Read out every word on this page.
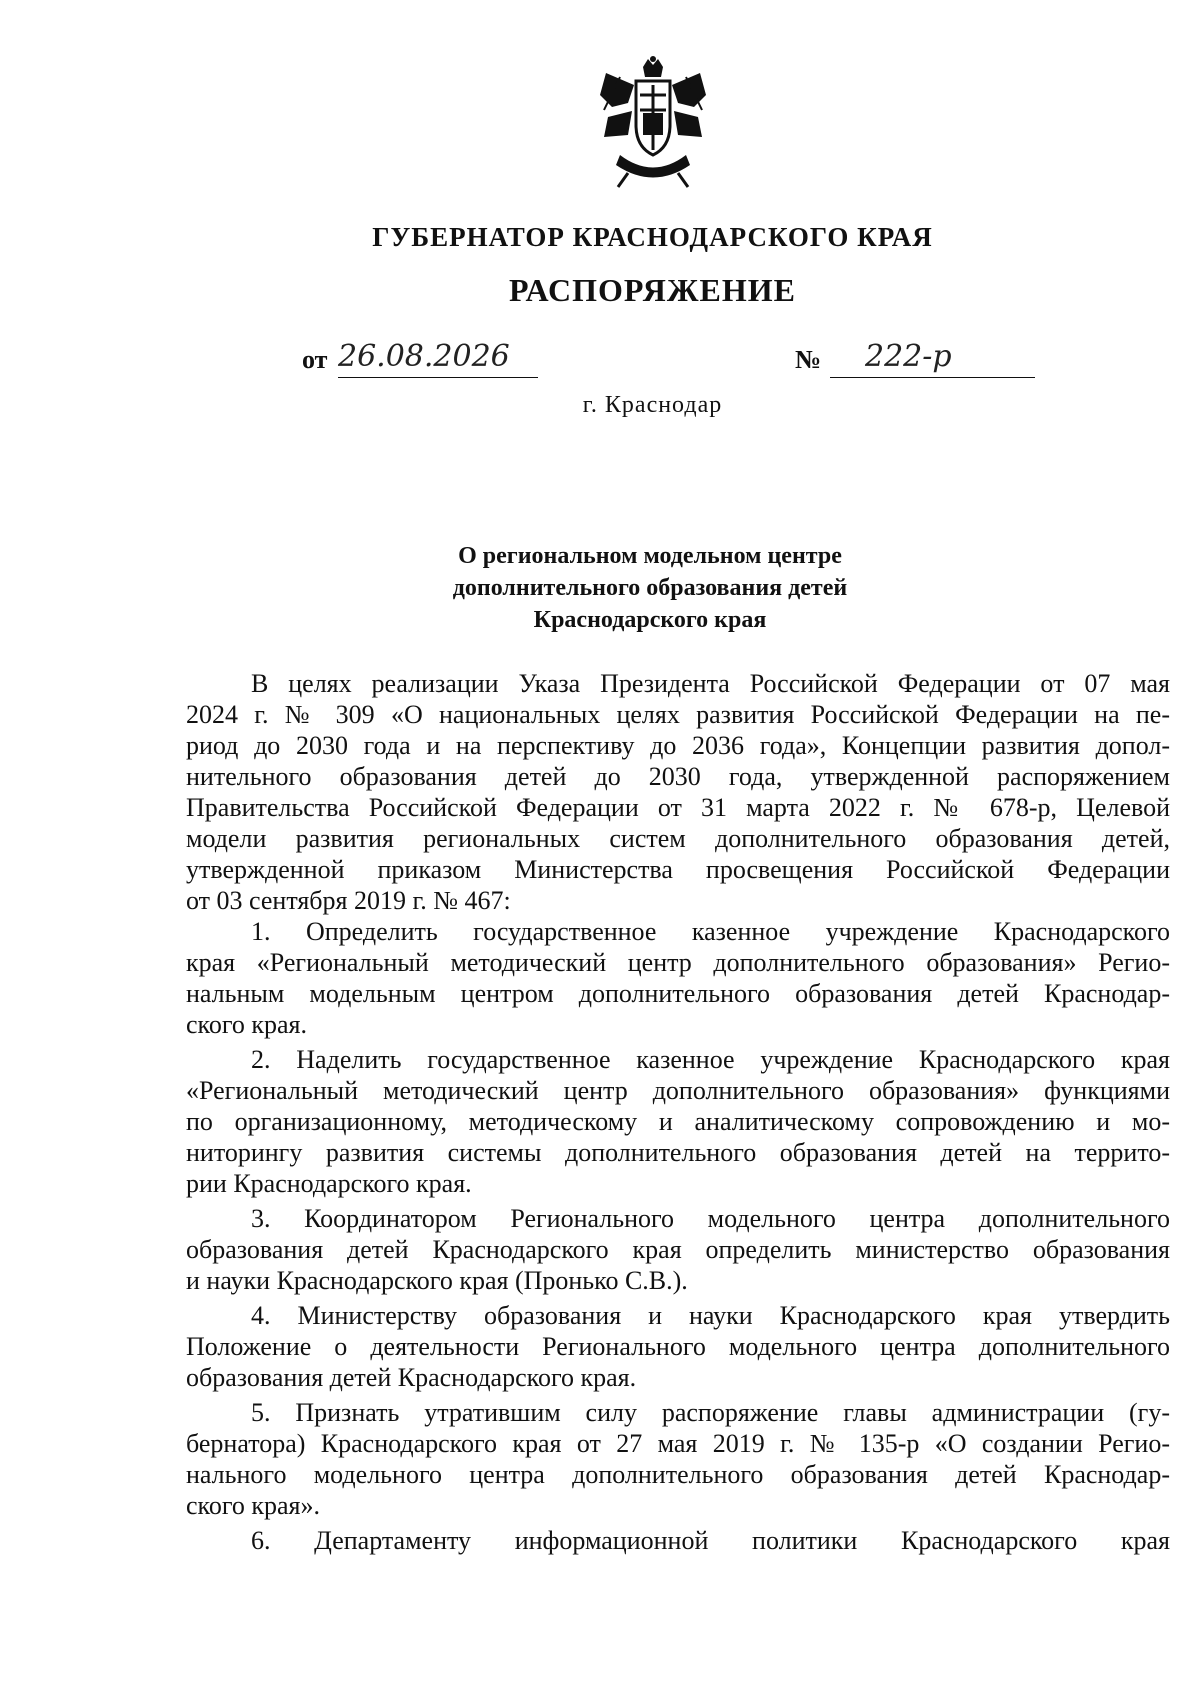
ГУБЕРНАТОР КРАСНОДАРСКОГО КРАЯ
РАСПОРЯЖЕНИЕ
от 26.08.2026	№ 222-р
г. Краснодар
О региональном модельном центре
дополнительного образования детей
Краснодарского края

В целях реализации Указа Президента Российской Федерации от 07 мая

2024 г. № 309 «О национальных целях развития Российской Федерации на пе-

риод до 2030 года и на перспективу до 2036 года», Концепции развития допол-

нительного образования детей до 2030 года, утвержденной распоряжением

Правительства Российской Федерации от 31 марта 2022 г. № 678-р, Целевой

модели развития региональных систем дополнительного образования детей,

утвержденной приказом Министерства просвещения Российской Федерации

от 03 сентября 2019 г. № 467:

1. Определить государственное казенное учреждение Краснодарского

края «Региональный методический центр дополнительного образования» Регио-

нальным модельным центром дополнительного образования детей Краснодар-

ского края.

2. Наделить государственное казенное учреждение Краснодарского края

«Региональный методический центр дополнительного образования» функциями

по организационному, методическому и аналитическому сопровождению и мо-

ниторингу развития системы дополнительного образования детей на террито-

рии Краснодарского края.

3. Координатором Регионального модельного центра дополнительного

образования детей Краснодарского края определить министерство образования

и науки Краснодарского края (Пронько С.В.).

4. Министерству образования и науки Краснодарского края утвердить

Положение о деятельности Регионального модельного центра дополнительного

образования детей Краснодарского края.

5. Признать утратившим силу распоряжение главы администрации (гу-

бернатора) Краснодарского края от 27 мая 2019 г. № 135-р «О создании Регио-

нального модельного центра дополнительного образования детей Краснодар-

ского края».

6. Департаменту информационной политики Краснодарского края
